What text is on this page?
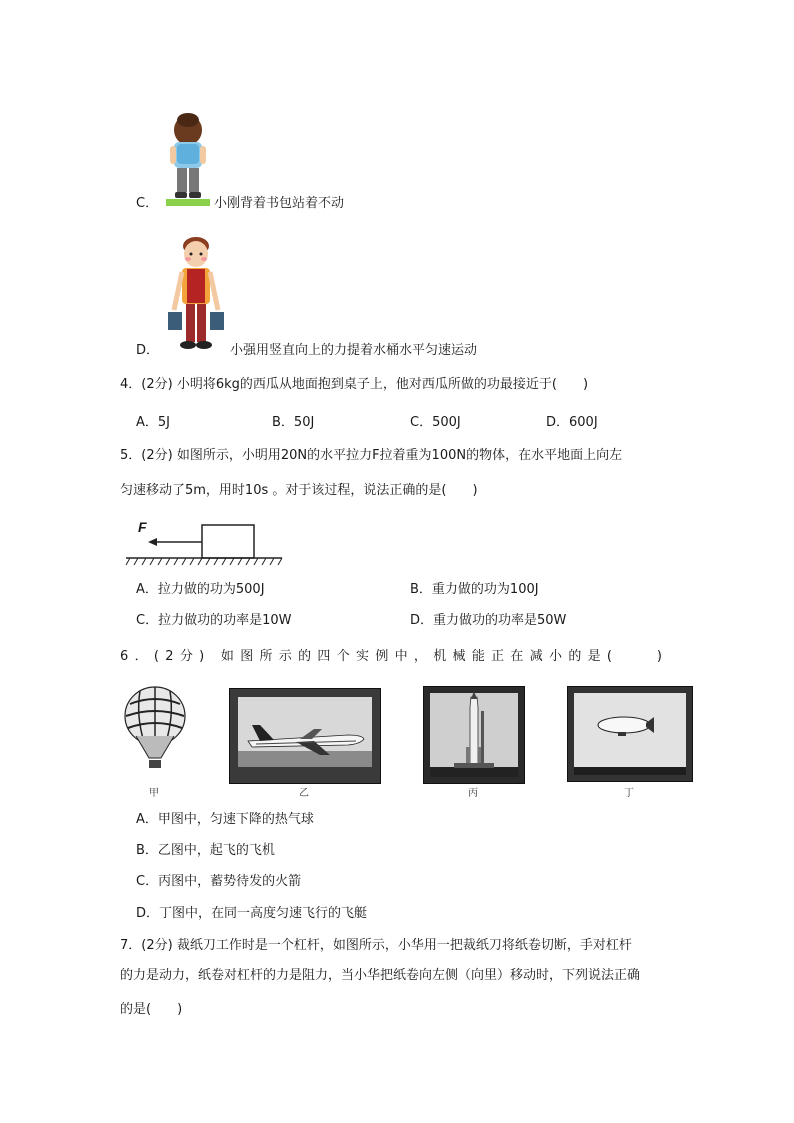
C．	小刚背着书包站着不动
D．	小强用竖直向上的力提着水桶水平匀速运动
4．(2分) 小明将6kg的西瓜从地面抱到桌子上，他对西瓜所做的功最接近于(　　)
A．5J	B．50J	C．500J	D．600J
5．(2分) 如图所示，小明用20N的水平拉力F拉着重为100N的物体，在水平地面上向左
匀速移动了5m，用时10s 。对于该过程，说法正确的是(　　)
F
A．拉力做的功为500J	B．重力做的功为100J
C．拉力做功的功率是10W	D．重力做功的功率是50W
6．(2分) 如图所示的四个实例中，机械能正在减小的是(　　)
甲	乙	丙	丁
A．甲图中，匀速下降的热气球
B．乙图中，起飞的飞机
C．丙图中，蓄势待发的火箭
D．丁图中，在同一高度匀速飞行的飞艇
7．(2分) 裁纸刀工作时是一个杠杆，如图所示，小华用一把裁纸刀将纸卷切断，手对杠杆
的力是动力，纸卷对杠杆的力是阻力，当小华把纸卷向左侧（向里）移动时，下列说法正确
的是(　　)
